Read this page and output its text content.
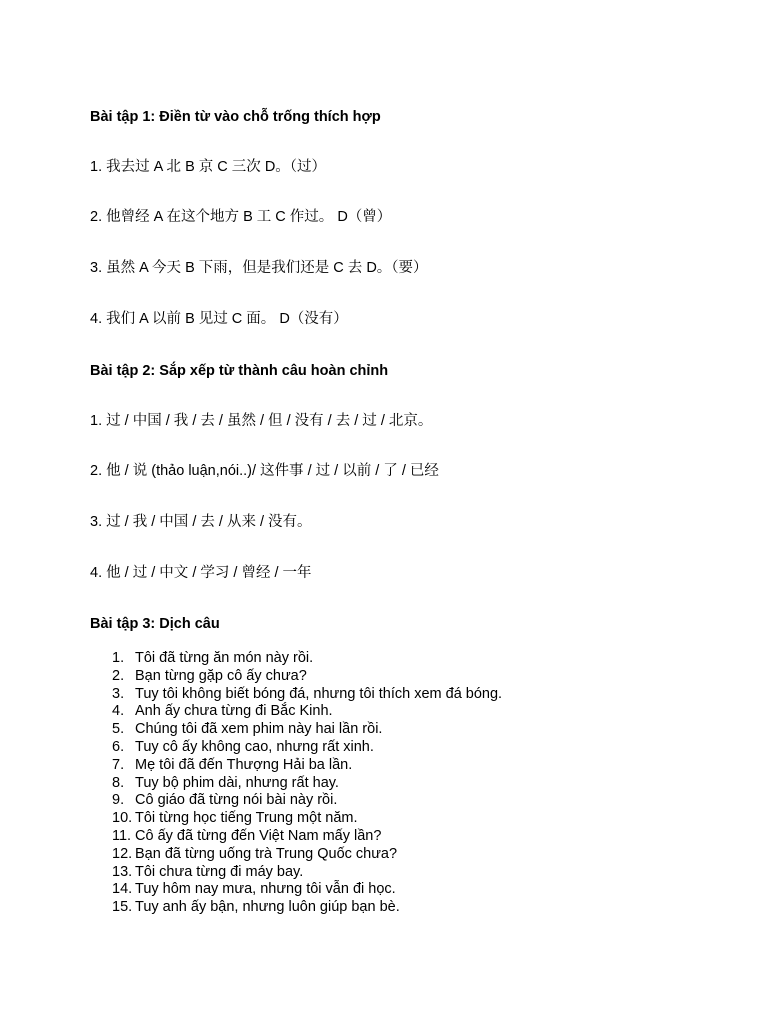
Bài tập 1: Điền từ vào chỗ trống thích hợp
1. 我去过 A 北 B 京 C 三次 D。（过）
2. 他曾经 A 在这个地方 B 工 C 作过。 D（曾）
3. 虽然 A 今天 B 下雨，但是我们还是 C 去 D。（要）
4. 我们 A 以前 B 见过 C 面。 D（没有）
Bài tập 2: Sắp xếp từ thành câu hoàn chỉnh
1. 过 / 中国 / 我 / 去 / 虽然 / 但 / 没有 / 去 / 过 / 北京。
2. 他 / 说 (thảo luận,nói..)/ 这件事 / 过 / 以前 / 了 / 已经
3. 过 / 我 / 中国 / 去 / 从来 / 没有。
4. 他 / 过 / 中文 / 学习 / 曾经 / 一年
Bài tập 3: Dịch câu
1. Tôi đã từng ăn món này rồi.
2. Bạn từng gặp cô ấy chưa?
3. Tuy tôi không biết bóng đá, nhưng tôi thích xem đá bóng.
4. Anh ấy chưa từng đi Bắc Kinh.
5. Chúng tôi đã xem phim này hai lần rồi.
6. Tuy cô ấy không cao, nhưng rất xinh.
7. Mẹ tôi đã đến Thượng Hải ba lần.
8. Tuy bộ phim dài, nhưng rất hay.
9. Cô giáo đã từng nói bài này rồi.
10. Tôi từng học tiếng Trung một năm.
11. Cô ấy đã từng đến Việt Nam mấy lần?
12. Bạn đã từng uống trà Trung Quốc chưa?
13. Tôi chưa từng đi máy bay.
14. Tuy hôm nay mưa, nhưng tôi vẫn đi học.
15. Tuy anh ấy bận, nhưng luôn giúp bạn bè.
